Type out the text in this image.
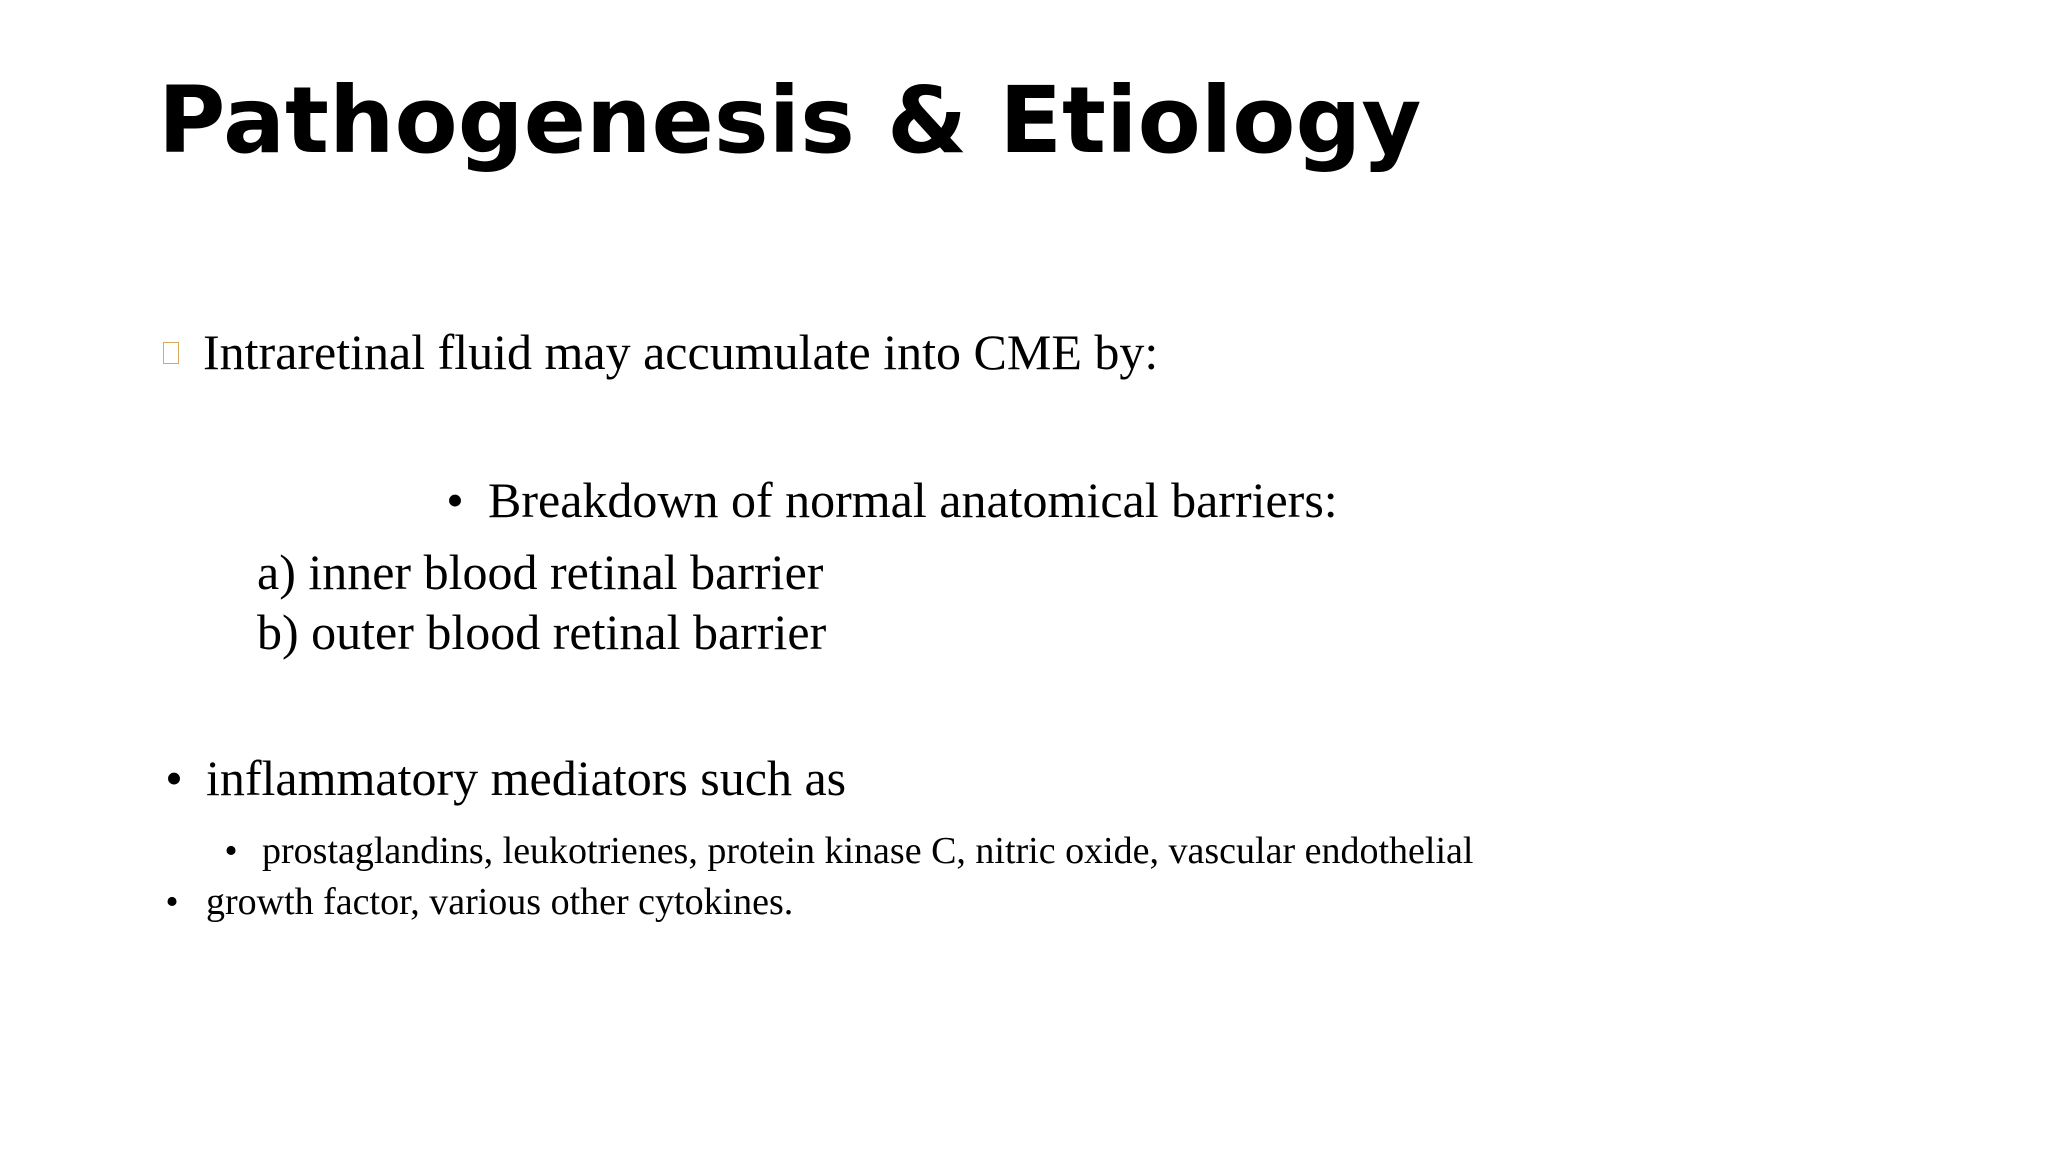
Pathogenesis & Etiology
Intraretinal fluid may accumulate into CME by:
• Breakdown of normal anatomical barriers:
a) inner blood retinal barrier
b) outer blood retinal barrier
• inflammatory mediators such as
• prostaglandins, leukotrienes, protein kinase C, nitric oxide, vascular endothelial
• growth factor, various other cytokines.
